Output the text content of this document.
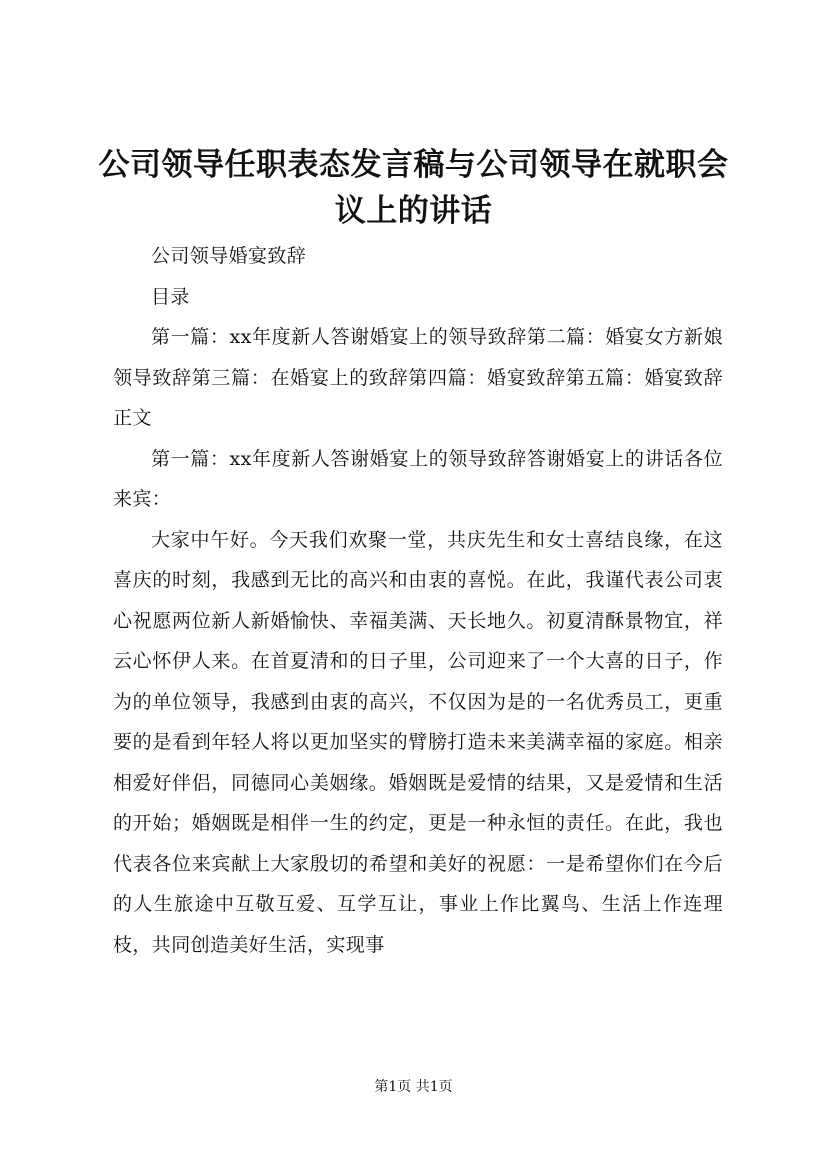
公司领导任职表态发言稿与公司领导在就职会议上的讲话

公司领导婚宴致辞

目录

第一篇：xx年度新人答谢婚宴上的领导致辞第二篇：婚宴女方新娘领导致辞第三篇：在婚宴上的致辞第四篇：婚宴致辞第五篇：婚宴致辞正文

第一篇：xx年度新人答谢婚宴上的领导致辞答谢婚宴上的讲话各位来宾：

大家中午好。今天我们欢聚一堂，共庆先生和女士喜结良缘，在这喜庆的时刻，我感到无比的高兴和由衷的喜悦。在此，我谨代表公司衷心祝愿两位新人新婚愉快、幸福美满、天长地久。初夏清酥景物宜，祥云心怀伊人来。在首夏清和的日子里，公司迎来了一个大喜的日子，作为的单位领导，我感到由衷的高兴，不仅因为是的一名优秀员工，更重要的是看到年轻人将以更加坚实的臂膀打造未来美满幸福的家庭。相亲相爱好伴侣，同德同心美姻缘。婚姻既是爱情的结果，又是爱情和生活的开始；婚姻既是相伴一生的约定，更是一种永恒的责任。在此，我也代表各位来宾献上大家殷切的希望和美好的祝愿：一是希望你们在今后的人生旅途中互敬互爱、互学互让，事业上作比翼鸟、生活上作连理枝，共同创造美好生活，实现事

第1页 共1页
